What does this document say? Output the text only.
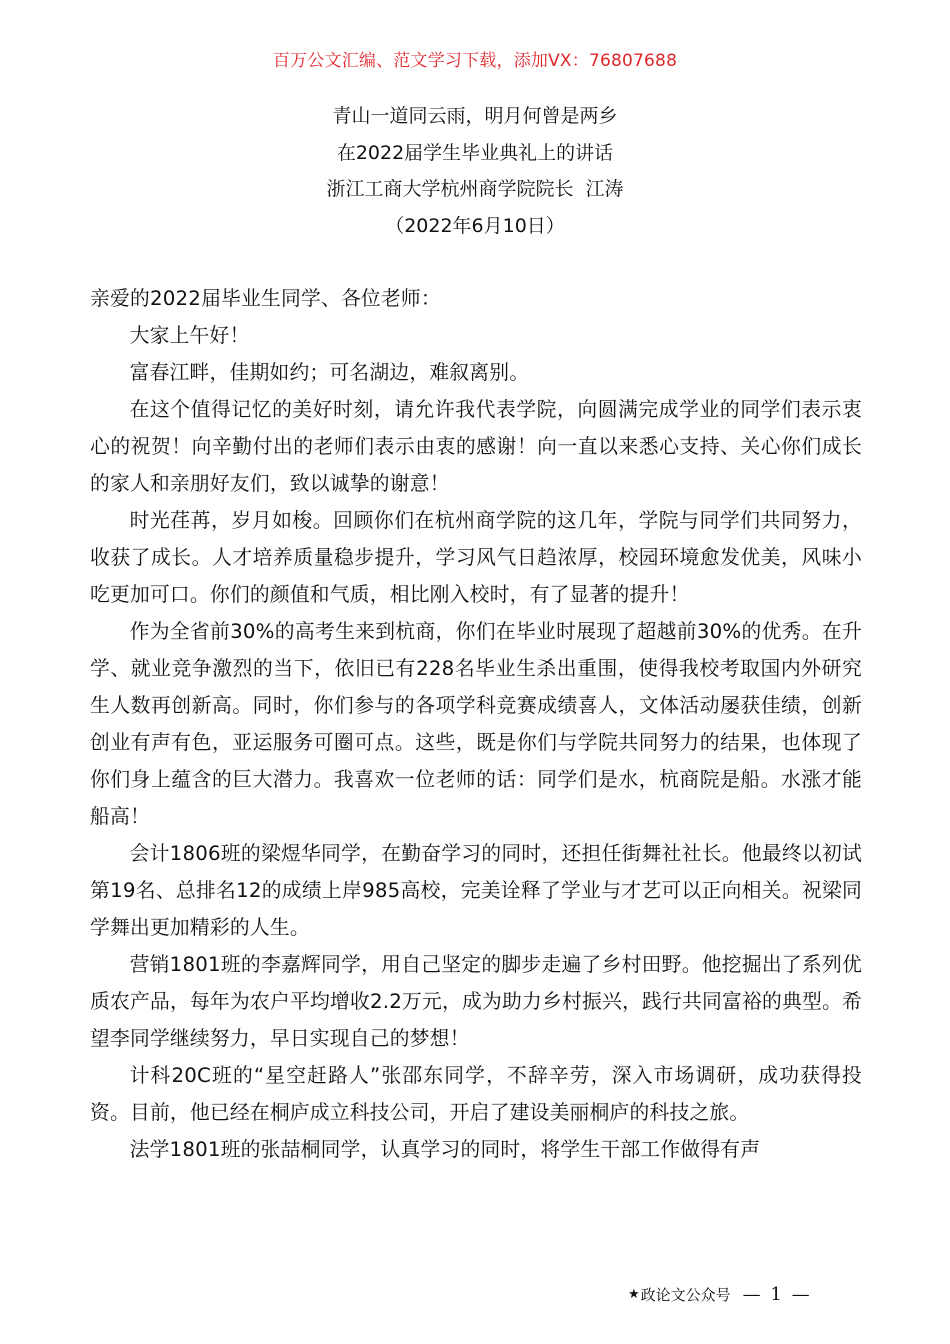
百万公文汇编、范文学习下载，添加VX：76807688
青山一道同云雨，明月何曾是两乡
在2022届学生毕业典礼上的讲话
浙江工商大学杭州商学院院长  江涛
（2022年6月10日）

亲爱的2022届毕业生同学、各位老师：

大家上午好！

富春江畔，佳期如约；可名湖边，难叙离别。

在这个值得记忆的美好时刻，请允许我代表学院，向圆满完成学业的同学们表示衷心的祝贺！向辛勤付出的老师们表示由衷的感谢！向一直以来悉心支持、关心你们成长的家人和亲朋好友们，致以诚挚的谢意！

时光荏苒，岁月如梭。回顾你们在杭州商学院的这几年，学院与同学们共同努力，收获了成长。人才培养质量稳步提升，学习风气日趋浓厚，校园环境愈发优美，风味小吃更加可口。你们的颜值和气质，相比刚入校时，有了显著的提升！

作为全省前30%的高考生来到杭商，你们在毕业时展现了超越前30%的优秀。在升学、就业竞争激烈的当下，依旧已有228名毕业生杀出重围，使得我校考取国内外研究生人数再创新高。同时，你们参与的各项学科竞赛成绩喜人，文体活动屡获佳绩，创新创业有声有色，亚运服务可圈可点。这些，既是你们与学院共同努力的结果，也体现了你们身上蕴含的巨大潜力。我喜欢一位老师的话：同学们是水，杭商院是船。水涨才能船高！

会计1806班的梁煜华同学，在勤奋学习的同时，还担任街舞社社长。他最终以初试第19名、总排名12的成绩上岸985高校，完美诠释了学业与才艺可以正向相关。祝梁同学舞出更加精彩的人生。

营销1801班的李嘉辉同学，用自己坚定的脚步走遍了乡村田野。他挖掘出了系列优质农产品，每年为农户平均增收2.2万元，成为助力乡村振兴，践行共同富裕的典型。希望李同学继续努力，早日实现自己的梦想！

计科20C班的“星空赶路人”张邵东同学，不辞辛劳，深入市场调研，成功获得投资。目前，他已经在桐庐成立科技公司，开启了建设美丽桐庐的科技之旅。

法学1801班的张喆桐同学，认真学习的同时，将学生干部工作做得有声

★ 政论文公众号 — 1 —
